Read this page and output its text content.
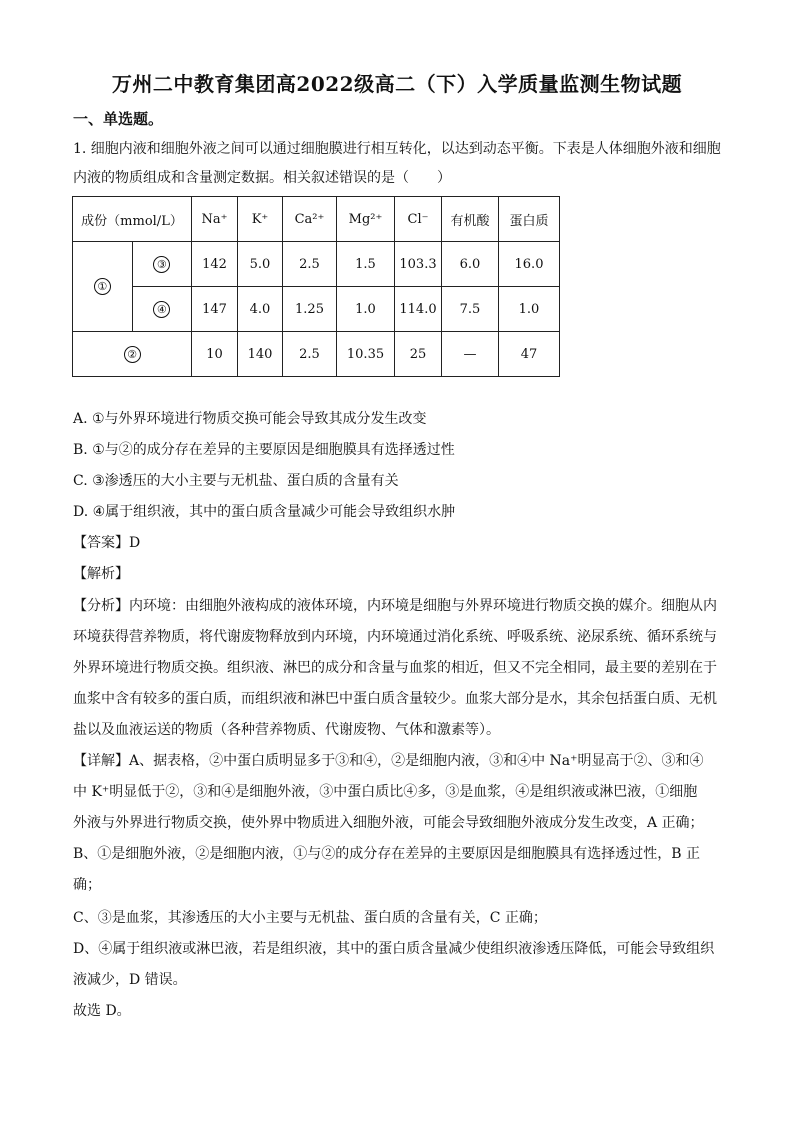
万州二中教育集团高2022级高二（下）入学质量监测生物试题
一、单选题。
1. 细胞内液和细胞外液之间可以通过细胞膜进行相互转化，以达到动态平衡。下表是人体细胞外液和细胞
内液的物质组成和含量测定数据。相关叙述错误的是（　　）
成份（mmol/L）		Na⁺	K⁺	Ca²⁺	Mg²⁺	Cl⁻	有机酸	蛋白质
①	③	142	5.0	2.5	1.5	103.3	6.0	16.0
	④	147	4.0	1.25	1.0	114.0	7.5	1.0
②		10	140	2.5	10.35	25	—	47
A. ①与外界环境进行物质交换可能会导致其成分发生改变
B. ①与②的成分存在差异的主要原因是细胞膜具有选择透过性
C. ③渗透压的大小主要与无机盐、蛋白质的含量有关
D. ④属于组织液，其中的蛋白质含量减少可能会导致组织水肿
【答案】D
【解析】
【分析】内环境：由细胞外液构成的液体环境，内环境是细胞与外界环境进行物质交换的媒介。细胞从内
环境获得营养物质，将代谢废物释放到内环境，内环境通过消化系统、呼吸系统、泌尿系统、循环系统与
外界环境进行物质交换。组织液、淋巴的成分和含量与血浆的相近，但又不完全相同，最主要的差别在于
血浆中含有较多的蛋白质，而组织液和淋巴中蛋白质含量较少。血浆大部分是水，其余包括蛋白质、无机
盐以及血液运送的物质（各种营养物质、代谢废物、气体和激素等）。
【详解】A、据表格，②中蛋白质明显多于③和④，②是细胞内液，③和④中 Na⁺明显高于②、③和④
中 K⁺明显低于②，③和④是细胞外液，③中蛋白质比④多，③是血浆，④是组织液或淋巴液，①细胞
外液与外界进行物质交换，使外界中物质进入细胞外液，可能会导致细胞外液成分发生改变，A 正确；
B、①是细胞外液，②是细胞内液，①与②的成分存在差异的主要原因是细胞膜具有选择透过性，B 正
确；
C、③是血浆，其渗透压的大小主要与无机盐、蛋白质的含量有关，C 正确；
D、④属于组织液或淋巴液，若是组织液，其中的蛋白质含量减少使组织液渗透压降低，可能会导致组织
液减少，D 错误。
故选 D。
